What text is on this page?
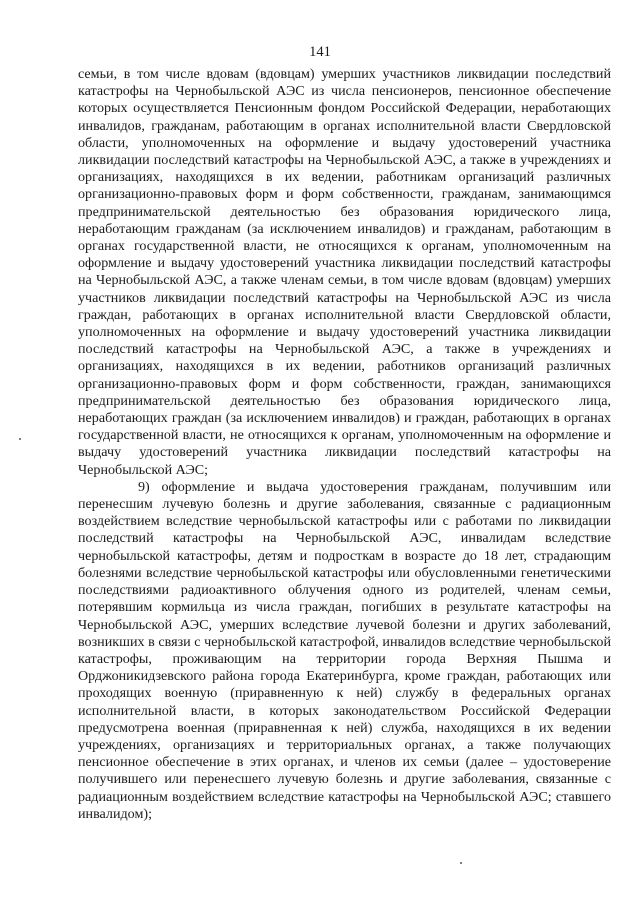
141

семьи, в том числе вдовам (вдовцам) умерших участников ликвидации последствий катастрофы на Чернобыльской АЭС из числа пенсионеров, пенсионное обеспечение которых осуществляется Пенсионным фондом Российской Федерации, неработающих инвалидов, гражданам, работающим в органах исполнительной власти Свердловской области, уполномоченных на оформление и выдачу удостоверений участника ликвидации последствий катастрофы на Чернобыльской АЭС, а также в учреждениях и организациях, находящихся в их ведении, работникам организаций различных организационно-правовых форм и форм собственности, гражданам, занимающимся предпринимательской деятельностью без образования юридического лица, неработающим гражданам (за исключением инвалидов) и гражданам, работающим в органах государственной власти, не относящихся к органам, уполномоченным на оформление и выдачу удостоверений участника ликвидации последствий катастрофы на Чернобыльской АЭС, а также членам семьи, в том числе вдовам (вдовцам) умерших участников ликвидации последствий катастрофы на Чернобыльской АЭС из числа граждан, работающих в органах исполнительной власти Свердловской области, уполномоченных на оформление и выдачу удостоверений участника ликвидации последствий катастрофы на Чернобыльской АЭС, а также в учреждениях и организациях, находящихся в их ведении, работников организаций различных организационно-правовых форм и форм собственности, граждан, занимающихся предпринимательской деятельностью без образования юридического лица, неработающих граждан (за исключением инвалидов) и граждан, работающих в органах государственной власти, не относящихся к органам, уполномоченным на оформление и выдачу удостоверений участника ликвидации последствий катастрофы на Чернобыльской АЭС;

9) оформление и выдача удостоверения гражданам, получившим или перенесшим лучевую болезнь и другие заболевания, связанные с радиационным воздействием вследствие чернобыльской катастрофы или с работами по ликвидации последствий катастрофы на Чернобыльской АЭС, инвалидам вследствие чернобыльской катастрофы, детям и подросткам в возрасте до 18 лет, страдающим болезнями вследствие чернобыльской катастрофы или обусловленными генетическими последствиями радиоактивного облучения одного из родителей, членам семьи, потерявшим кормильца из числа граждан, погибших в результате катастрофы на Чернобыльской АЭС, умерших вследствие лучевой болезни и других заболеваний, возникших в связи с чернобыльской катастрофой, инвалидов вследствие чернобыльской катастрофы, проживающим на территории города Верхняя Пышма и Орджоникидзевского района города Екатеринбурга, кроме граждан, работающих или проходящих военную (приравненную к ней) службу в федеральных органах исполнительной власти, в которых законодательством Российской Федерации предусмотрена военная (приравненная к ней) служба, находящихся в их ведении учреждениях, организациях и территориальных органах, а также получающих пенсионное обеспечение в этих органах, и членов их семьи (далее – удостоверение получившего или перенесшего лучевую болезнь и другие заболевания, связанные с радиационным воздействием вследствие катастрофы на Чернобыльской АЭС; ставшего инвалидом);
